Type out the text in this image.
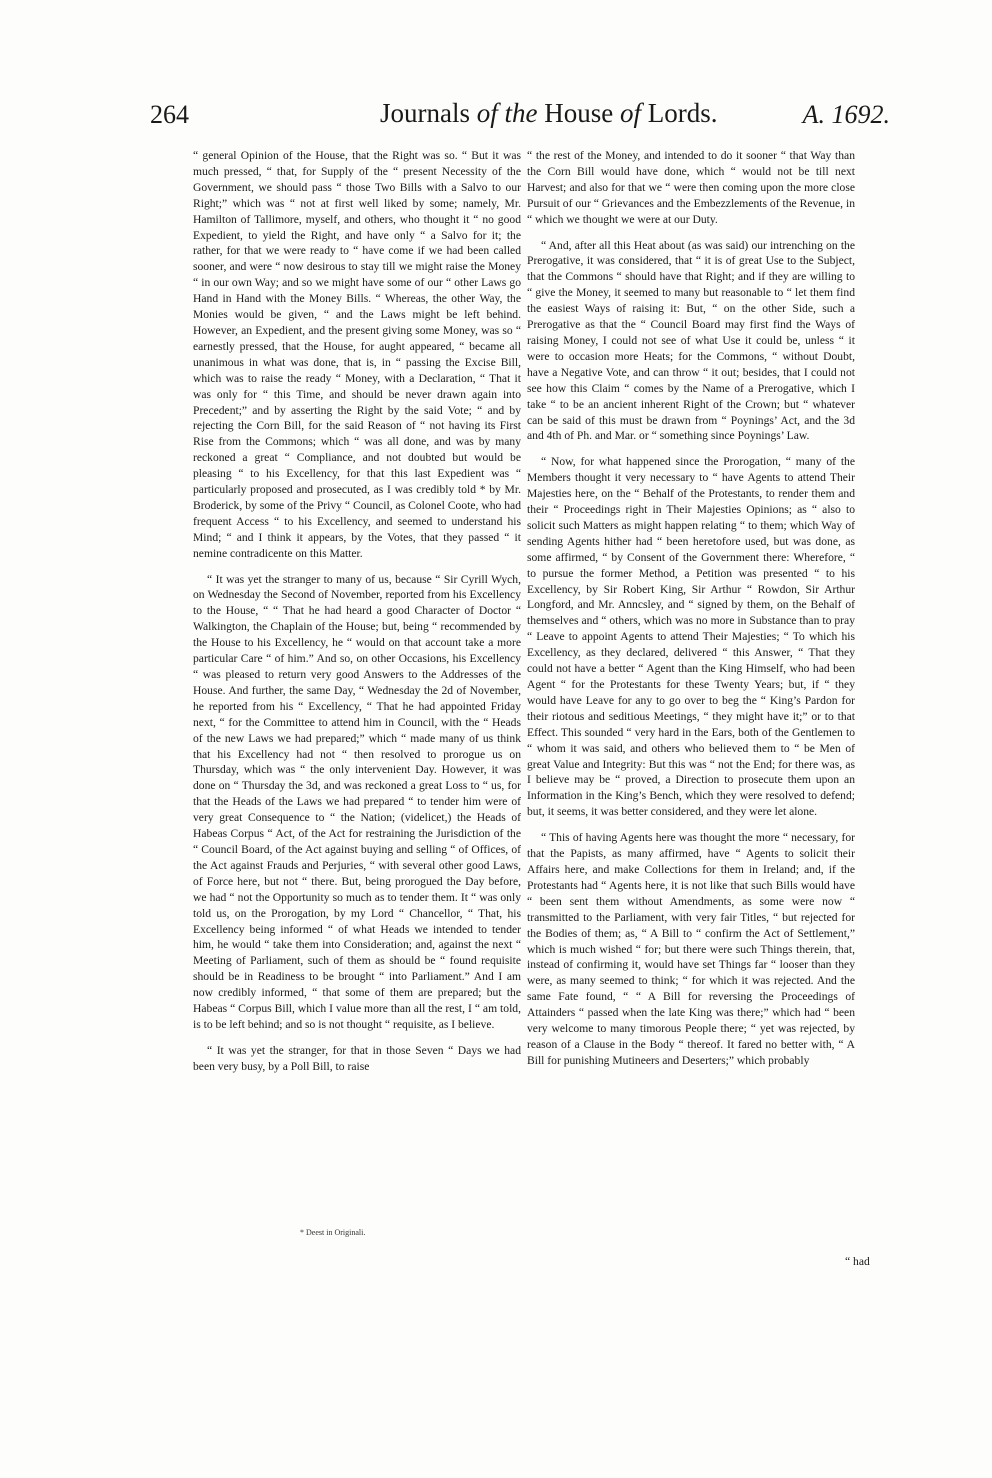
264	Journals of the House of Lords.	A. 1692.

“ general Opinion of the House, that the Right was so. “ But it was much pressed, “ that, for Supply of the “ present Necessity of the Government, we should pass “ those Two Bills with a Salvo to our Right;” which was “ not at first well liked by some; namely, Mr. Hamilton of Tallimore, myself, and others, who thought it “ no good Expedient, to yield the Right, and have only “ a Salvo for it; the rather, for that we were ready to “ have come if we had been called sooner, and were “ now desirous to stay till we might raise the Money “ in our own Way; and so we might have some of our “ other Laws go Hand in Hand with the Money Bills. “ Whereas, the other Way, the Monies would be given, “ and the Laws might be left behind. However, an Expedient, and the present giving some Money, was so “ earnestly pressed, that the House, for aught appeared, “ became all unanimous in what was done, that is, in “ passing the Excise Bill, which was to raise the ready “ Money, with a Declaration, “ That it was only for “ this Time, and should be never drawn again into Precedent;” and by asserting the Right by the said Vote; “ and by rejecting the Corn Bill, for the said Reason of “ not having its First Rise from the Commons; which “ was all done, and was by many reckoned a great “ Compliance, and not doubted but would be pleasing “ to his Excellency, for that this last Expedient was “ particularly proposed and prosecuted, as I was credibly told * by Mr. Broderick, by some of the Privy “ Council, as Colonel Coote, who had frequent Access “ to his Excellency, and seemed to understand his Mind; “ and I think it appears, by the Votes, that they passed “ it nemine contradicente on this Matter.

“ It was yet the stranger to many of us, because “ Sir Cyrill Wych, on Wednesday the Second of November, reported from his Excellency to the House, “ “ That he had heard a good Character of Doctor “ Walkington, the Chaplain of the House; but, being “ recommended by the House to his Excellency, he “ would on that account take a more particular Care “ of him.” And so, on other Occasions, his Excellency “ was pleased to return very good Answers to the Addresses of the House. And further, the same Day, “ Wednesday the 2d of November, he reported from his “ Excellency, “ That he had appointed Friday next, “ for the Committee to attend him in Council, with the “ Heads of the new Laws we had prepared;” which “ made many of us think that his Excellency had not “ then resolved to prorogue us on Thursday, which was “ the only intervenient Day. However, it was done on “ Thursday the 3d, and was reckoned a great Loss to “ us, for that the Heads of the Laws we had prepared “ to tender him were of very great Consequence to “ the Nation; (videlicet,) the Heads of Habeas Corpus “ Act, of the Act for restraining the Jurisdiction of the “ Council Board, of the Act against buying and selling “ of Offices, of the Act against Frauds and Perjuries, “ with several other good Laws, of Force here, but not “ there. But, being prorogued the Day before, we had “ not the Opportunity so much as to tender them. It “ was only told us, on the Prorogation, by my Lord “ Chancellor, “ That, his Excellency being informed “ of what Heads we intended to tender him, he would “ take them into Consideration; and, against the next “ Meeting of Parliament, such of them as should be “ found requisite should be in Readiness to be brought “ into Parliament.” And I am now credibly informed, “ that some of them are prepared; but the Habeas “ Corpus Bill, which I value more than all the rest, I “ am told, is to be left behind; and so is not thought “ requisite, as I believe.

“ It was yet the stranger, for that in those Seven “ Days we had been very busy, by a Poll Bill, to raise

“ the rest of the Money, and intended to do it sooner “ that Way than the Corn Bill would have done, which “ would not be till next Harvest; and also for that we “ were then coming upon the more close Pursuit of our “ Grievances and the Embezzlements of the Revenue, in “ which we thought we were at our Duty.

“ And, after all this Heat about (as was said) our intrenching on the Prerogative, it was considered, that “ it is of great Use to the Subject, that the Commons “ should have that Right; and if they are willing to “ give the Money, it seemed to many but reasonable to “ let them find the easiest Ways of raising it: But, “ on the other Side, such a Prerogative as that the “ Council Board may first find the Ways of raising Money, I could not see of what Use it could be, unless “ it were to occasion more Heats; for the Commons, “ without Doubt, have a Negative Vote, and can throw “ it out; besides, that I could not see how this Claim “ comes by the Name of a Prerogative, which I take “ to be an ancient inherent Right of the Crown; but “ whatever can be said of this must be drawn from “ Poynings’ Act, and the 3d and 4th of Ph. and Mar. or “ something since Poynings’ Law.

“ Now, for what happened since the Prorogation, “ many of the Members thought it very necessary to “ have Agents to attend Their Majesties here, on the “ Behalf of the Protestants, to render them and their “ Proceedings right in Their Majesties Opinions; as “ also to solicit such Matters as might happen relating “ to them; which Way of sending Agents hither had “ been heretofore used, but was done, as some affirmed, “ by Consent of the Government there: Wherefore, “ to pursue the former Method, a Petition was presented “ to his Excellency, by Sir Robert King, Sir Arthur “ Rowdon, Sir Arthur Longford, and Mr. Anncsley, and “ signed by them, on the Behalf of themselves and “ others, which was no more in Substance than to pray “ Leave to appoint Agents to attend Their Majesties; “ To which his Excellency, as they declared, delivered “ this Answer, “ That they could not have a better “ Agent than the King Himself, who had been Agent “ for the Protestants for these Twenty Years; but, if “ they would have Leave for any to go over to beg the “ King’s Pardon for their riotous and seditious Meetings, “ they might have it;” or to that Effect. This sounded “ very hard in the Ears, both of the Gentlemen to “ whom it was said, and others who believed them to “ be Men of great Value and Integrity: But this was “ not the End; for there was, as I believe may be “ proved, a Direction to prosecute them upon an Information in the King’s Bench, which they were resolved to defend; but, it seems, it was better considered, and they were let alone.

“ This of having Agents here was thought the more “ necessary, for that the Papists, as many affirmed, have “ Agents to solicit their Affairs here, and make Collections for them in Ireland; and, if the Protestants had “ Agents here, it is not like that such Bills would have “ been sent them without Amendments, as some were now “ transmitted to the Parliament, with very fair Titles, “ but rejected for the Bodies of them; as, “ A Bill to “ confirm the Act of Settlement,” which is much wished “ for; but there were such Things therein, that, instead of confirming it, would have set Things far “ looser than they were, as many seemed to think; “ for which it was rejected. And the same Fate found, “ “ A Bill for reversing the Proceedings of Attainders “ passed when the late King was there;” which had “ been very welcome to many timorous People there; “ yet was rejected, by reason of a Clause in the Body “ thereof. It fared no better with, “ A Bill for punishing Mutineers and Deserters;” which probably

* Deest in Originali.
“ had
